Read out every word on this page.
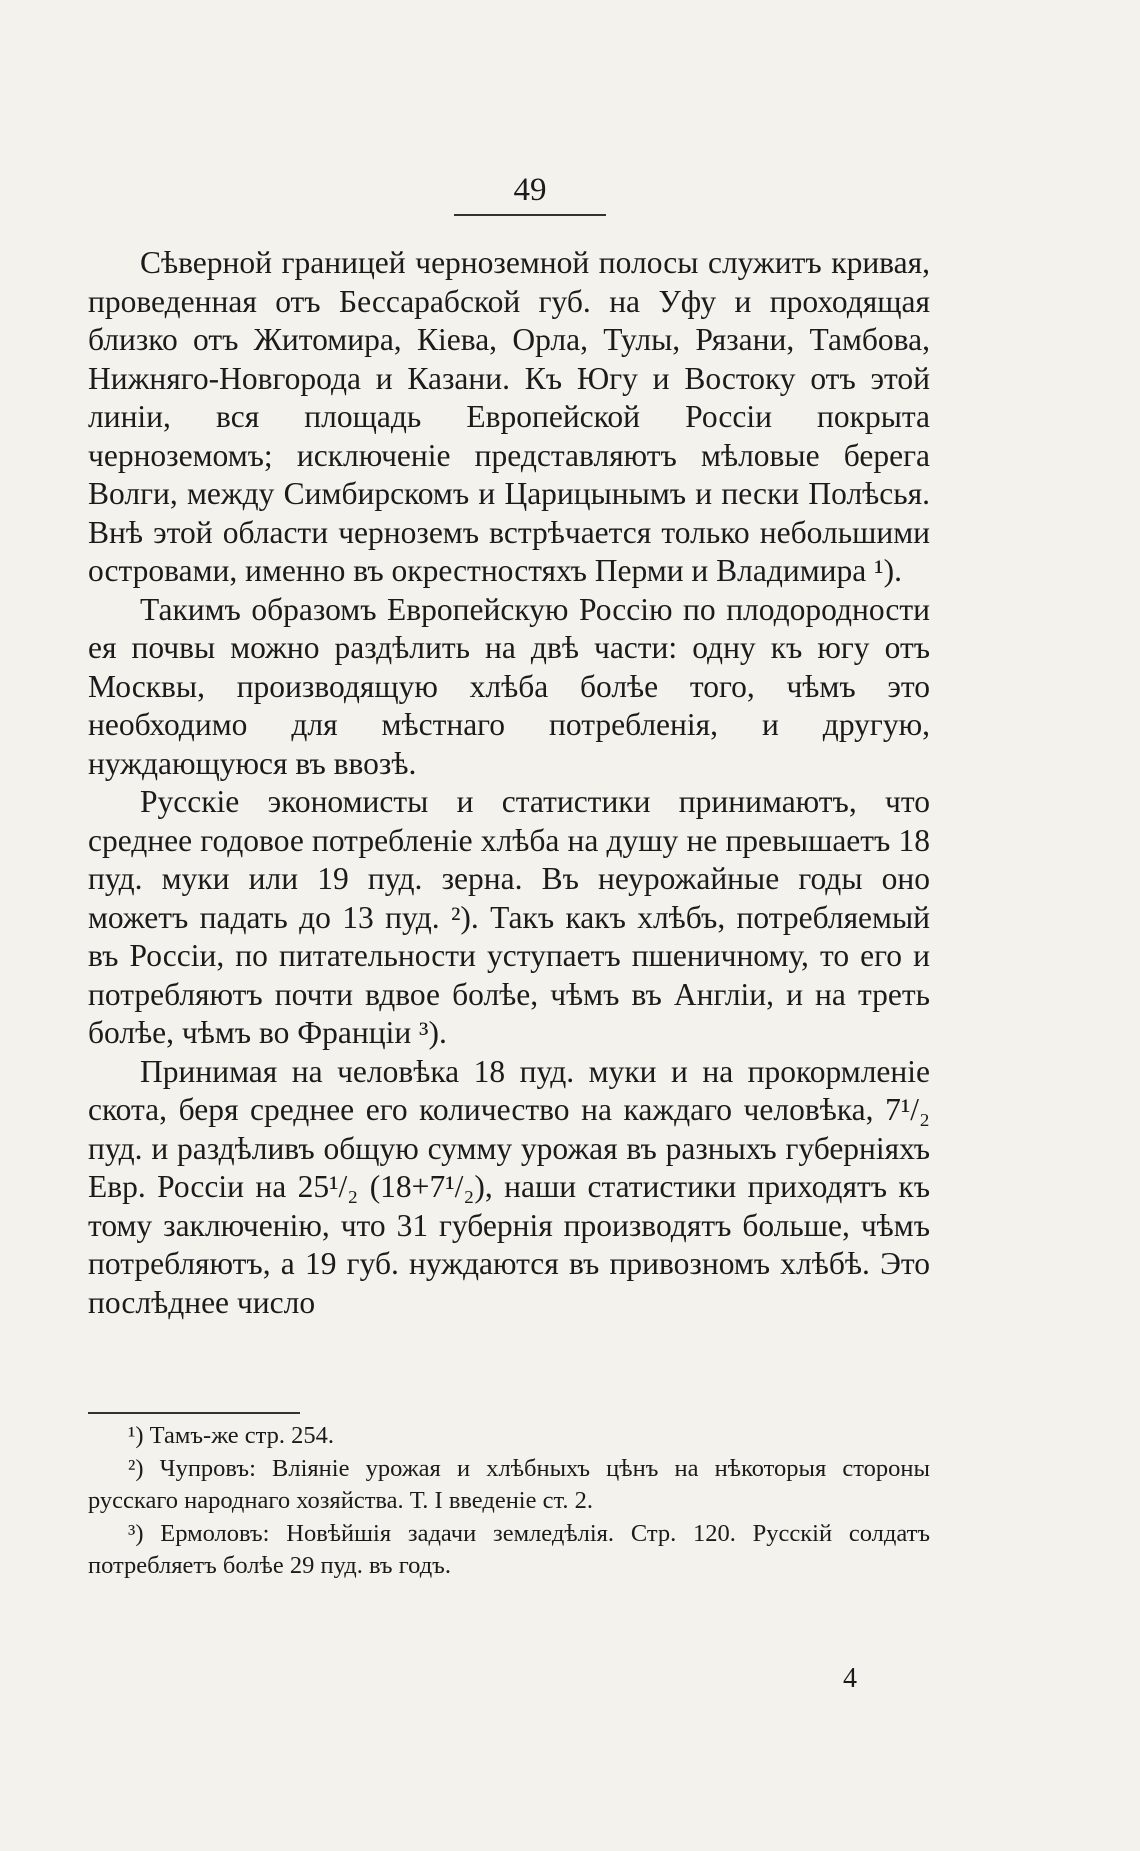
49

Сѣверной границей черноземной полосы служитъ кривая, проведенная отъ Бессарабской губ. на Уфу и проходящая близко отъ Житомира, Кіева, Орла, Тулы, Рязани, Тамбова, Нижняго-Новгорода и Казани. Къ Югу и Востоку отъ этой линіи, вся площадь Европейской Россіи покрыта черноземомъ; исключеніе представляютъ мѣловые берега Волги, между Симбирскомъ и Царицынымъ и пески Полѣсья. Внѣ этой области черноземъ встрѣчается только небольшими островами, именно въ окрестностяхъ Перми и Владимира ¹).

Такимъ образомъ Европейскую Россію по плодородности ея почвы можно раздѣлить на двѣ части: одну къ югу отъ Москвы, производящую хлѣба болѣе того, чѣмъ это необходимо для мѣстнаго потребленія, и другую, нуждающуюся въ ввозѣ.

Русскіе экономисты и статистики принимаютъ, что среднее годовое потребленіе хлѣба на душу не превышаетъ 18 пуд. муки или 19 пуд. зерна. Въ неурожайные годы оно можетъ падать до 13 пуд. ²). Такъ какъ хлѣбъ, потребляемый въ Россіи, по питательности уступаетъ пшеничному, то его и потребляютъ почти вдвое болѣе, чѣмъ въ Англіи, и на треть болѣе, чѣмъ во Франціи ³).

Принимая на человѣка 18 пуд. муки и на прокормленіе скота, беря среднее его количество на каждаго человѣка, 7¹/₂ пуд. и раздѣливъ общую сумму урожая въ разныхъ губерніяхъ Евр. Россіи на 25¹/₂ (18+7¹/₂), наши статистики приходятъ къ тому заключенію, что 31 губернія производятъ больше, чѣмъ потребляютъ, а 19 губ. нуждаются въ привозномъ хлѣбѣ. Это послѣднее число

¹) Тамъ-же стр. 254.

²) Чупровъ: Вліяніе урожая и хлѣбныхъ цѣнъ на нѣкоторыя стороны русскаго народнаго хозяйства. Т. I введеніе ст. 2.

³) Ермоловъ: Новѣйшія задачи земледѣлія. Стр. 120. Русскій солдатъ потребляетъ болѣе 29 пуд. въ годъ.

4
